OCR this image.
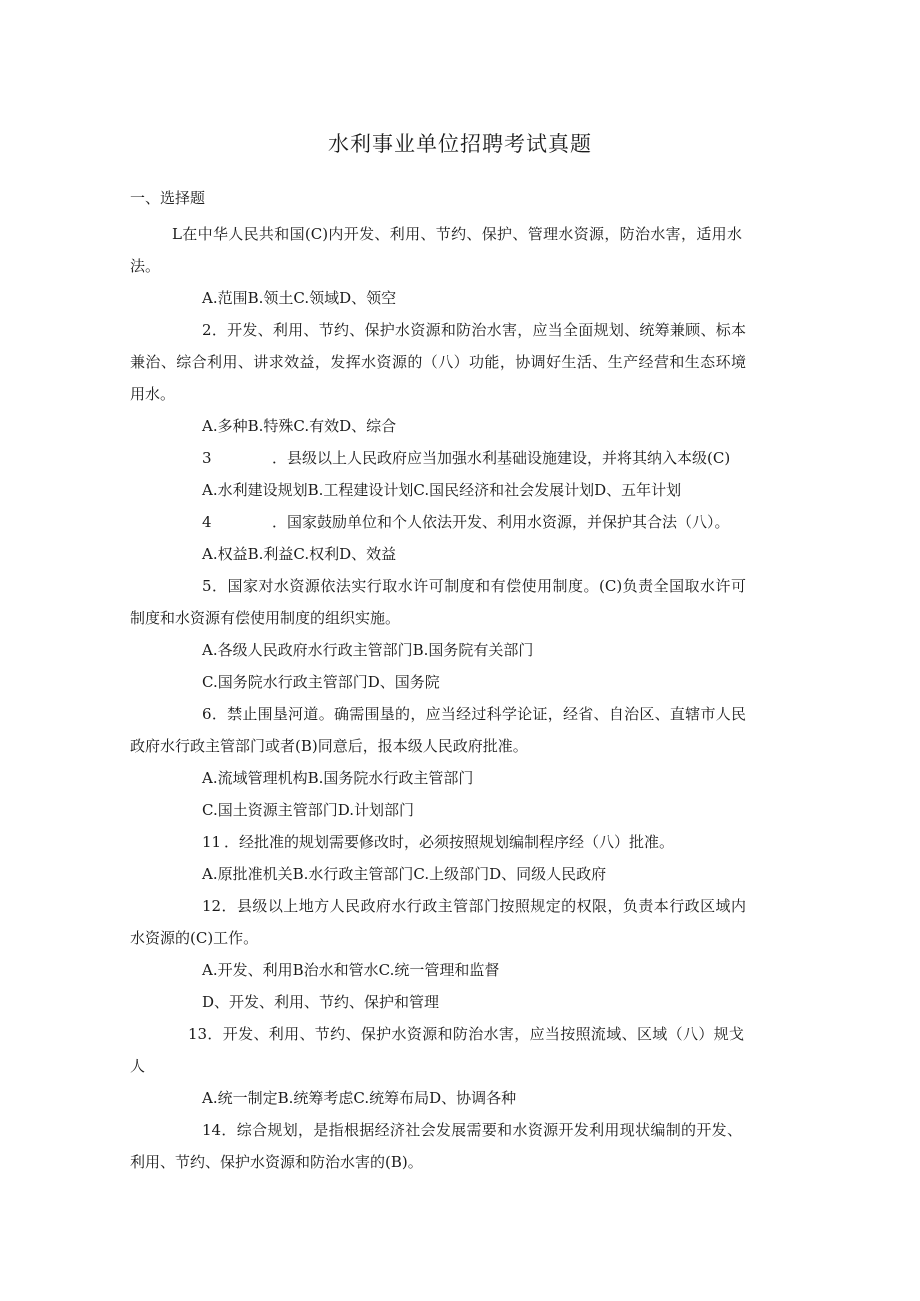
水利事业单位招聘考试真题
一、选择题
L在中华人民共和国(C)内开发、利用、节约、保护、管理水资源，防治水害，适用水
法。
A.范围B.领土C.领域D、领空
2．开发、利用、节约、保护水资源和防治水害，应当全面规划、统筹兼顾、标本
兼治、综合利用、讲求效益，发挥水资源的（八）功能，协调好生活、生产经营和生态环境
用水。
A.多种B.特殊C.有效D、综合
3	．县级以上人民政府应当加强水利基础设施建设，并将其纳入本级(C)
A.水利建设规划B.工程建设计划C.国民经济和社会发展计划D、五年计划
4	．国家鼓励单位和个人依法开发、利用水资源，并保护其合法（八）。
A.权益B.利益C.权利D、效益
5．国家对水资源依法实行取水许可制度和有偿使用制度。(C)负责全国取水许可
制度和水资源有偿使用制度的组织实施。
A.各级人民政府水行政主管部门B.国务院有关部门
C.国务院水行政主管部门D、国务院
6．禁止围垦河道。确需围垦的，应当经过科学论证，经省、自治区、直辖市人民
政府水行政主管部门或者(B)同意后，报本级人民政府批准。
A.流域管理机构B.国务院水行政主管部门
C.国土资源主管部门D.计划部门
11 ．经批准的规划需要修改时，必须按照规划编制程序经（八）批准。
A.原批准机关B.水行政主管部门C.上级部门D、同级人民政府
12．县级以上地方人民政府水行政主管部门按照规定的权限，负责本行政区域内
水资源的(C)工作。
A.开发、利用B治水和管水C.统一管理和监督
D、开发、利用、节约、保护和管理
13．开发、利用、节约、保护水资源和防治水害，应当按照流域、区域（八）规戈
人
A.统一制定B.统筹考虑C.统筹布局D、协调各种
14．综合规划，是指根据经济社会发展需要和水资源开发利用现状编制的开发、
利用、节约、保护水资源和防治水害的(B)。
